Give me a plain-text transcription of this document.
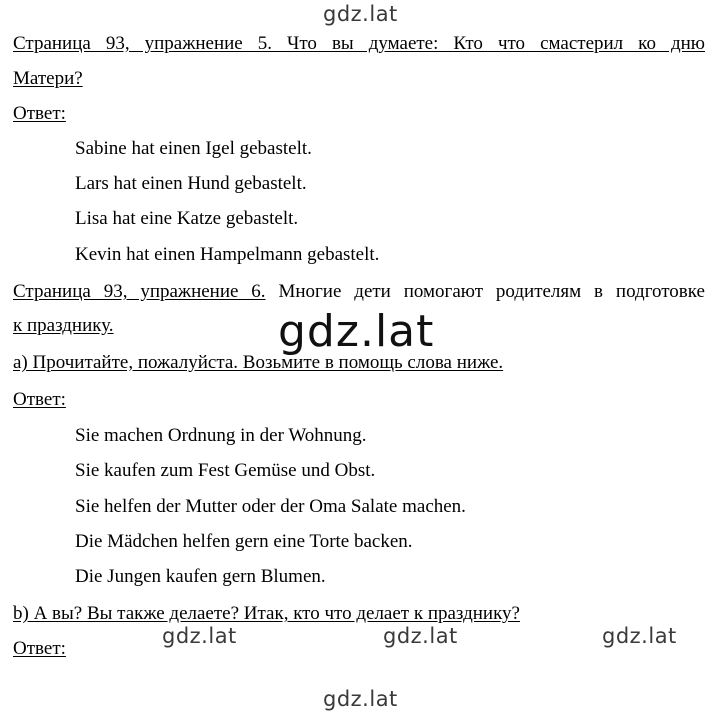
gdz.lat
Страница 93, упражнение 5. Что вы думаете: Кто что смастерил ко дню
Матери?
Ответ:
Sabine hat einen Igel gebastelt.
Lars hat einen Hund gebastelt.
Lisa hat eine Katze gebastelt.
Kevin hat einen Hampelmann gebastelt.
Страница 93, упражнение 6. Многие дети помогают родителям в подготовке
к празднику.	gdz.lat
а) Прочитайте, пожалуйста. Возьмите в помощь слова ниже.
Ответ:
Sie machen Ordnung in der Wohnung.
Sie kaufen zum Fest Gemüse und Obst.
Sie helfen der Mutter oder der Oma Salate machen.
Die Mädchen helfen gern eine Torte backen.
Die Jungen kaufen gern Blumen.
b) А вы? Вы также делаете? Итак, кто что делает к празднику?
gdz.lat	gdz.lat	gdz.lat
Ответ:
gdz.lat
